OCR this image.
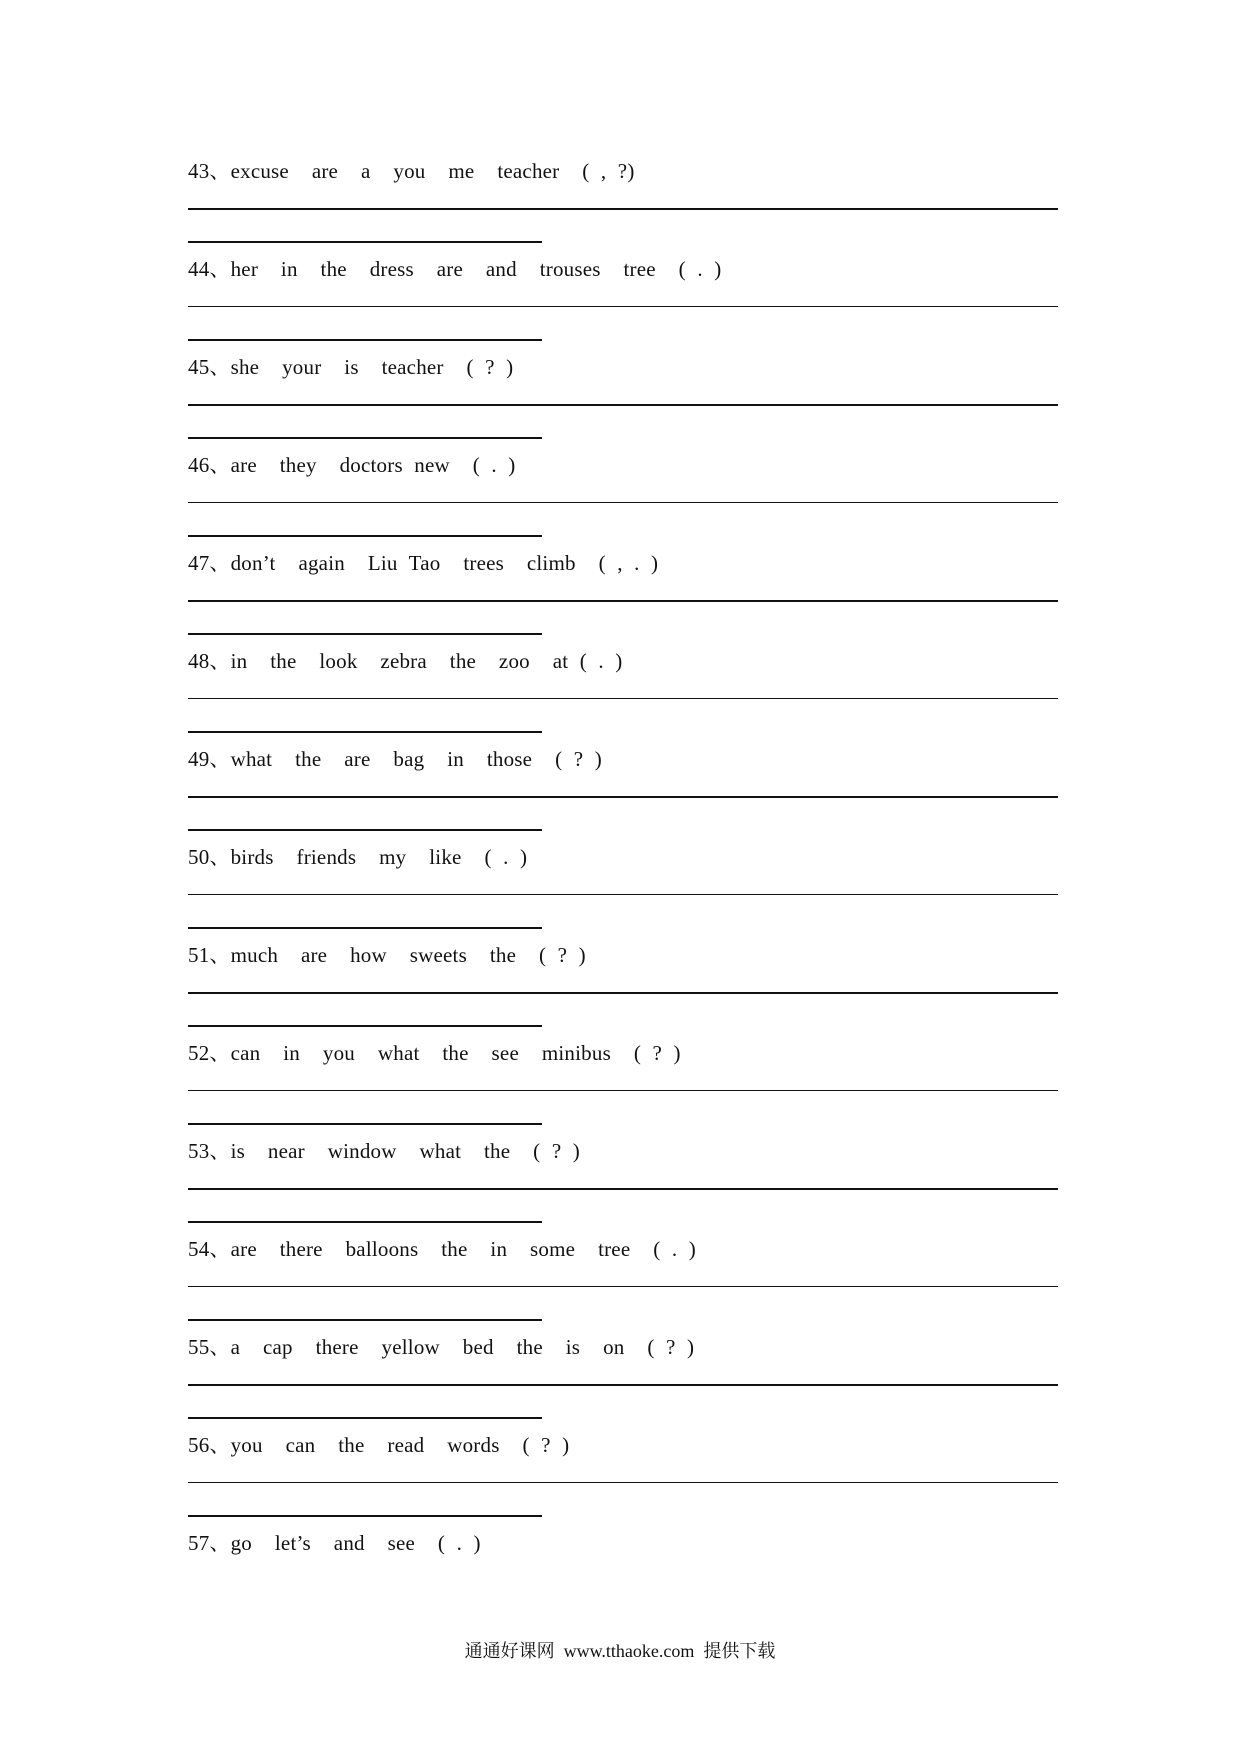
43、excuse  are  a  you  me  teacher  ( , ?)
44、her  in  the  dress  are  and  trouses  tree  ( . )
45、she  your  is  teacher  ( ? )
46、are  they  doctors new  ( . )
47、don’t  again  Liu Tao  trees  climb  ( , . )
48、in  the  look  zebra  the  zoo  at ( . )
49、what  the  are  bag  in  those  ( ? )
50、birds  friends  my  like  ( . )
51、much  are  how  sweets  the  ( ? )
52、can  in  you  what  the  see  minibus  ( ? )
53、is  near  window  what  the  ( ? )
54、are  there  balloons  the  in  some  tree  ( . )
55、a  cap  there  yellow  bed  the  is  on  ( ? )
56、you  can  the  read  words  ( ? )
57、go  let’s  and  see  ( . )
通通好课网  www.tthaoke.com  提供下载
